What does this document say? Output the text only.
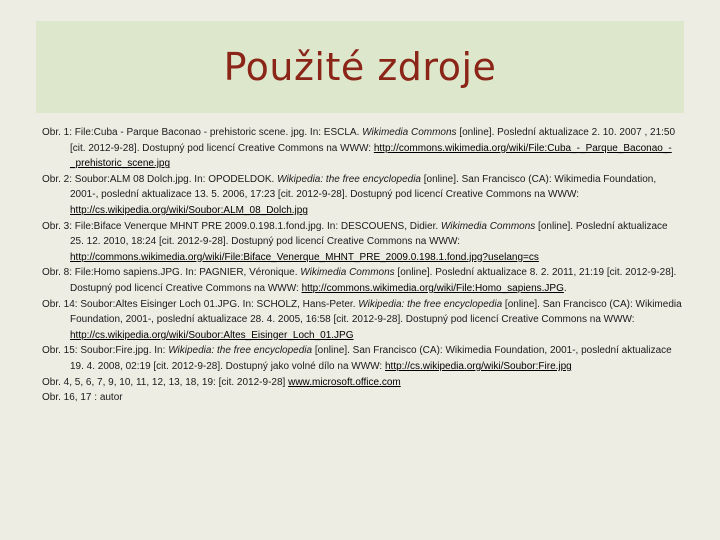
Použité zdroje
Obr. 1: File:Cuba - Parque Baconao - prehistoric scene. jpg. In: ESCLA. Wikimedia Commons [online]. Poslední aktualizace 2. 10. 2007 , 21:50 [cit. 2012-9-28]. Dostupný pod licencí Creative Commons na WWW: http://commons.wikimedia.org/wiki/File:Cuba_-_Parque_Baconao_-_prehistoric_scene.jpg
Obr. 2: Soubor:ALM 08 Dolch.jpg. In: OPODELDOK. Wikipedia: the free encyclopedia [online]. San Francisco (CA): Wikimedia Foundation, 2001-, poslední aktualizace 13. 5. 2006, 17:23 [cit. 2012-9-28]. Dostupný pod licencí Creative Commons na WWW: http://cs.wikipedia.org/wiki/Soubor:ALM_08_Dolch.jpg
Obr. 3: File:Biface Venerque MHNT PRE 2009.0.198.1.fond.jpg. In: DESCOUENS, Didier. Wikimedia Commons [online]. Poslední aktualizace 25. 12. 2010, 18:24 [cit. 2012-9-28]. Dostupný pod licencí Creative Commons na WWW: http://commons.wikimedia.org/wiki/File:Biface_Venerque_MHNT_PRE_2009.0.198.1.fond.jpg?uselang=cs
Obr. 8: File:Homo sapiens.JPG. In: PAGNIER, Véronique. Wikimedia Commons [online]. Poslední aktualizace 8. 2. 2011, 21:19 [cit. 2012-9-28]. Dostupný pod licencí Creative Commons na WWW: http://commons.wikimedia.org/wiki/File:Homo_sapiens.JPG.
Obr. 14: Soubor:Altes Eisinger Loch 01.JPG. In: SCHOLZ, Hans-Peter. Wikipedia: the free encyclopedia [online]. San Francisco (CA): Wikimedia Foundation, 2001-, poslední aktualizace 28. 4. 2005, 16:58 [cit. 2012-9-28]. Dostupný pod licencí Creative Commons na WWW: http://cs.wikipedia.org/wiki/Soubor:Altes_Eisinger_Loch_01.JPG
Obr. 15: Soubor:Fire.jpg. In: Wikipedia: the free encyclopedia [online]. San Francisco (CA): Wikimedia Foundation, 2001-, poslední aktualizace 19. 4. 2008, 02:19 [cit. 2012-9-28]. Dostupný jako volné dílo na WWW: http://cs.wikipedia.org/wiki/Soubor:Fire.jpg
Obr. 4, 5, 6, 7, 9, 10, 11, 12, 13, 18, 19: [cit. 2012-9-28] www.microsoft.office.com
Obr. 16, 17 : autor
